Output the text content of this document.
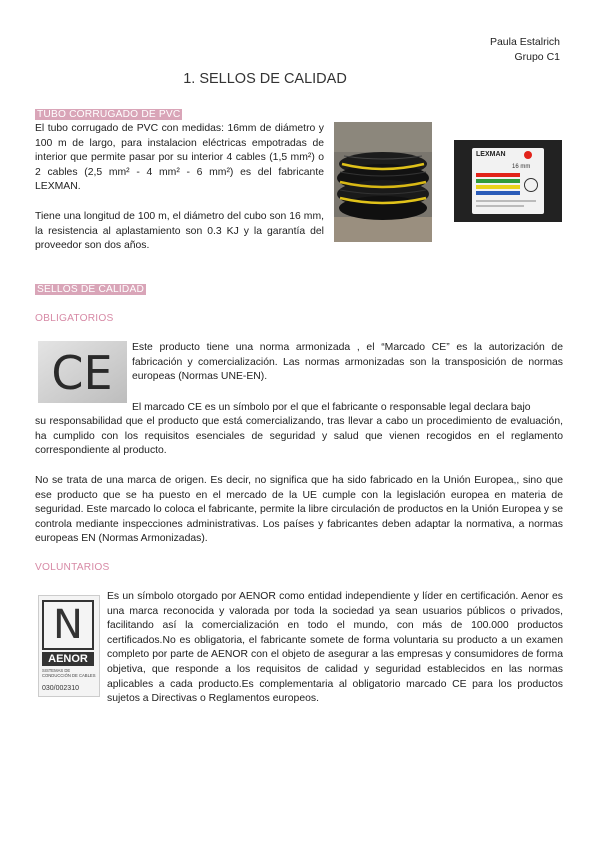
Paula Estalrich
Grupo C1
1. SELLOS DE CALIDAD
TUBO CORRUGADO DE PVC
El tubo corrugado de PVC con medidas: 16mm de diámetro y 100 m de largo, para instalacion eléctricas empotradas de interior que permite pasar por su interior 4 cables (1,5 mm²) o 2 cables (2,5 mm² - 4 mm² - 6 mm²) es del fabricante LEXMAN.
Tiene una longitud de 100 m, el diámetro del cubo son 16 mm, la resistencia al aplastamiento son 0.3 KJ y la garantía del proveedor son dos años.
LEXMAN
16 mm
SELLOS DE CALIDAD
OBLIGATORIOS
CE Este producto tiene una norma armonizada , el “Marcado CE” es la autorización de fabricación y comercialización. Las normas armonizadas son la transposición de normas europeas (Normas UNE-EN).
El marcado CE es un símbolo por el que el fabricante o responsable legal declara bajo
su responsabilidad que el producto que está comercializando, tras llevar a cabo un procedimiento de evaluación, ha cumplido con los requisitos esenciales de seguridad y salud que vienen recogidos en el reglamento correspondiente al producto.
No se trata de una marca de origen. Es decir, no significa que ha sido fabricado en la Unión Europea,, sino que ese producto que se ha puesto en el mercado de la UE cumple con la legislación europea en materia de seguridad. Este marcado lo coloca el fabricante, permite la libre circulación de productos en la Unión Europea y se controla mediante inspecciones administrativas. Los países y fabricantes deben adaptar la normativa, a normas europeas EN (Normas Armonizadas).
VOLUNTARIOS
N
AENOR
SISTEMAS DE CONDUCCIÓN DE CABLES
030/002310
Es un símbolo otorgado por AENOR como entidad independiente y líder en certificación. Aenor es una marca reconocida y valorada por toda la sociedad ya sean usuarios públicos o privados, facilitando así la comercialización en todo el mundo, con más de 100.000 productos certificados.No es obligatoria, el fabricante somete de forma voluntaria su producto a un examen completo por parte de AENOR con el objeto de asegurar a las empresas y consumidores de forma objetiva, que responde a los requisitos de calidad y seguridad establecidos en las normas aplicables a cada producto.Es complementaria al obligatorio marcado CE para los productos sujetos a Directivas o Reglamentos europeos.
